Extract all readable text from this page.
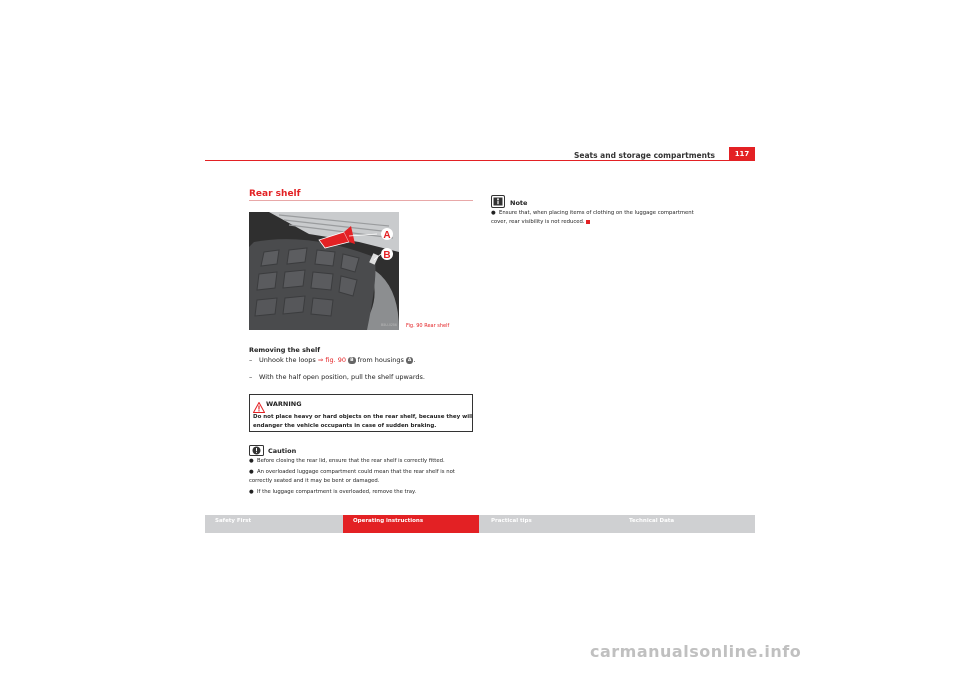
Seats and storage compartments	117
Rear shelf
A
B
B5U-0256 Fig. 90 Rear shelf
Removing the shelf
– Unhook the loops ⇒ fig. 90 B from housings A .
– With the half open position, pull the shelf upwards.
WARNING
Do not place heavy or hard objects on the rear shelf, because they will
endanger the vehicle occupants in case of sudden braking.
Caution
● Before closing the rear lid, ensure that the rear shelf is correctly fitted.
● An overloaded luggage compartment could mean that the rear shelf is not
correctly seated and it may be bent or damaged.
● If the luggage compartment is overloaded, remove the tray.
Note
● Ensure that, when placing items of clothing on the luggage compartment
cover, rear visibility is not reduced.
Safety First	Operating instructions	Practical tips	Technical Data
carmanualsonline.info
